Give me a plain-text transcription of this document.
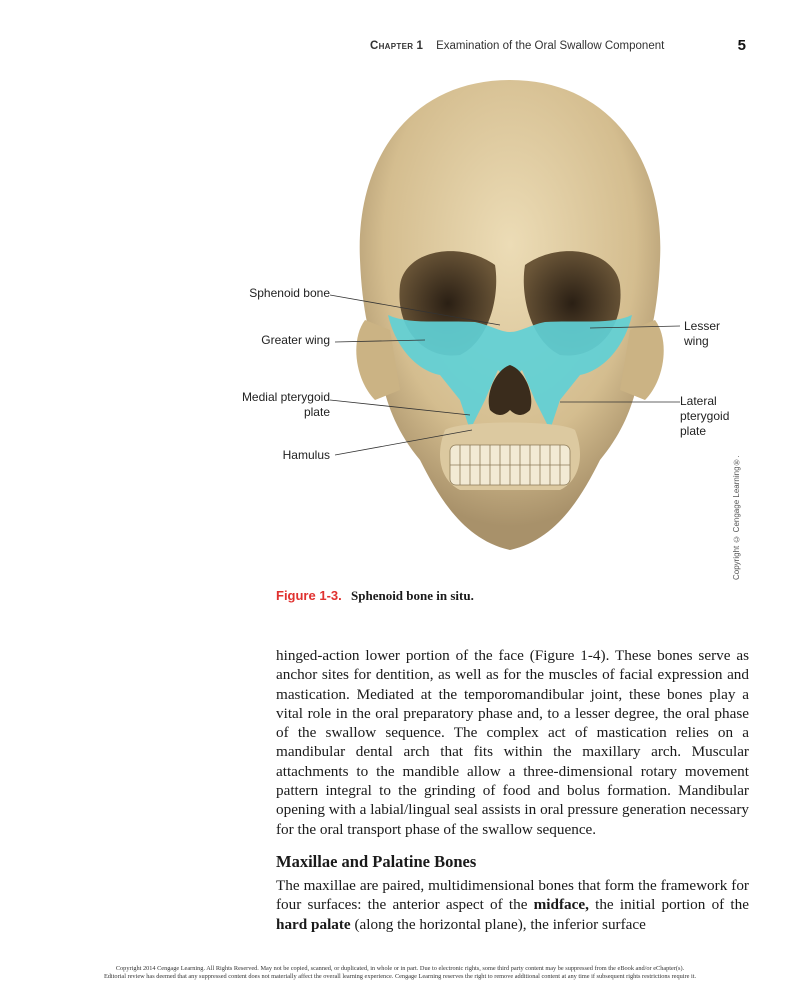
Chapter 1 Examination of the Oral Swallow Component	5
Sphenoid bone
Greater wing
Medial pterygoid plate
Hamulus
Lesser wing
Lateral pterygoid plate
Copyright © Cengage Learning®.
Figure 1-3. Sphenoid bone in situ.

hinged-action lower portion of the face (Figure 1-4). These bones serve as anchor sites for dentition, as well as for the muscles of facial expression and mastication. Mediated at the temporomandibular joint, these bones play a vital role in the oral preparatory phase and, to a lesser degree, the oral phase of the swallow sequence. The complex act of mastication relies on a mandibular dental arch that fits within the maxillary arch. Muscular attachments to the mandible allow a three-dimensional rotary movement pattern integral to the grinding of food and bolus formation. Mandibular opening with a labial/lingual seal assists in oral pressure generation necessary for the oral transport phase of the swallow sequence.

Maxillae and Palatine Bones

The maxillae are paired, multidimensional bones that form the framework for four surfaces: the anterior aspect of the midface, the initial portion of the hard palate (along the horizontal plane), the inferior surface

Copyright 2014 Cengage Learning. All Rights Reserved. May not be copied, scanned, or duplicated, in whole or in part. Due to electronic rights, some third party content may be suppressed from the eBook and/or eChapter(s).
Editorial review has deemed that any suppressed content does not materially affect the overall learning experience. Cengage Learning reserves the right to remove additional content at any time if subsequent rights restrictions require it.
